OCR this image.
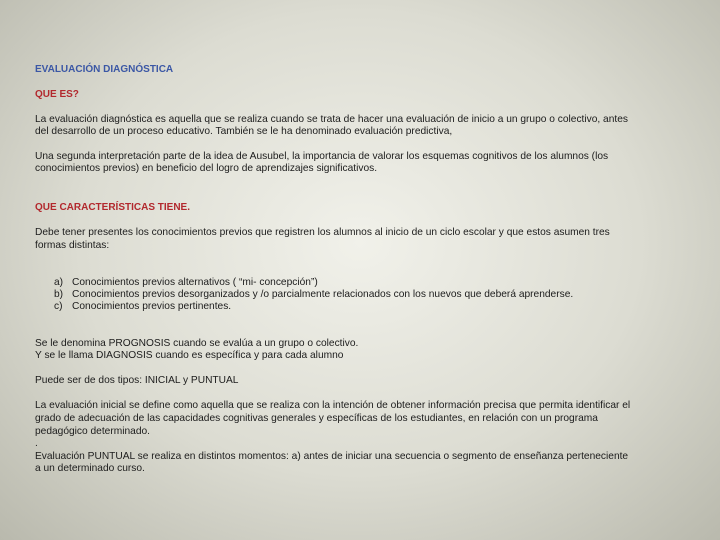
EVALUACIÓN DIAGNÓSTICA

QUE ES?

La evaluación diagnóstica es aquella que se realiza cuando se trata de hacer una evaluación de inicio a un grupo o colectivo, antes

del desarrollo de un proceso educativo. También se le ha denominado evaluación predictiva,

Una segunda interpretación parte de la idea de Ausubel, la importancia de valorar los esquemas cognitivos de los alumnos (los

conocimientos previos) en beneficio del logro de aprendizajes significativos.

QUE CARACTERÍSTICAS TIENE.

Debe tener presentes los conocimientos previos que registren los alumnos al inicio de un ciclo escolar y que estos asumen tres

formas distintas:

a) Conocimientos previos alternativos ( “mi- concepción”)
b) Conocimientos previos desorganizados y /o parcialmente relacionados con los nuevos que deberá aprenderse.
c) Conocimientos previos pertinentes.

Se le denomina PROGNOSIS cuando se evalúa a un grupo o colectivo.

Y se le llama DIAGNOSIS cuando es específica y para cada alumno

Puede ser de dos tipos: INICIAL y PUNTUAL

La evaluación inicial se define como aquella que se realiza con la intención de obtener información precisa que permita identificar el

grado de adecuación de las capacidades cognitivas generales y específicas de los estudiantes, en relación con un programa

pedagógico determinado.

.

Evaluación PUNTUAL se realiza en distintos momentos: a) antes de iniciar una secuencia o segmento de enseñanza perteneciente

a un determinado curso.
